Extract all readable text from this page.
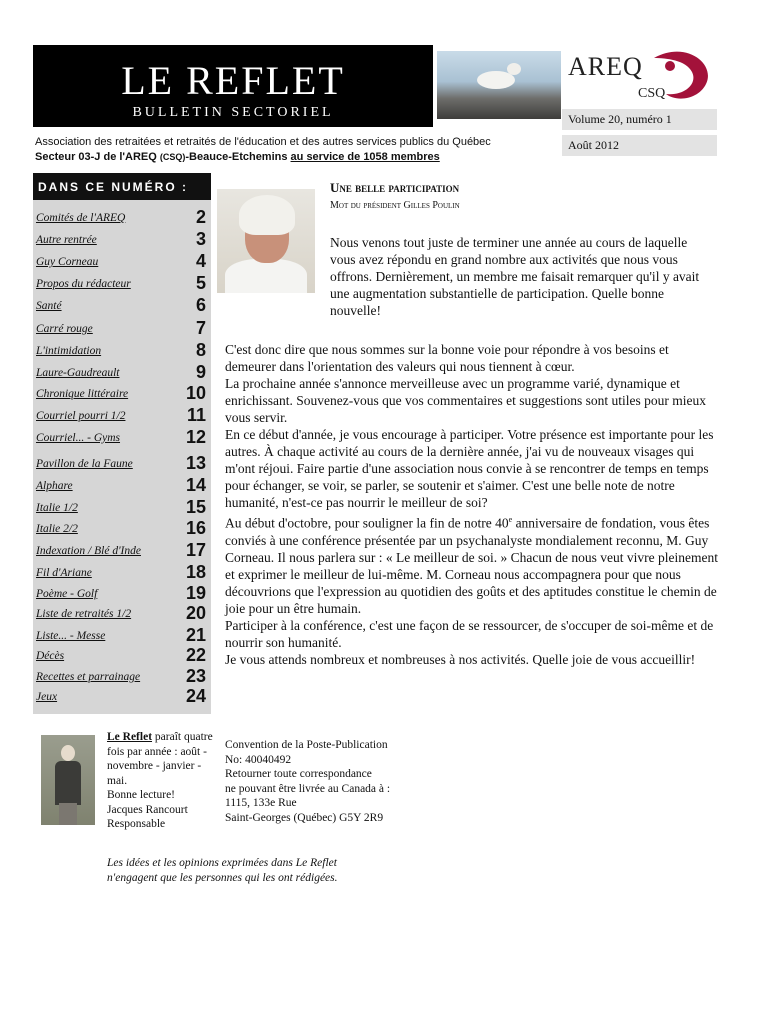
LE REFLET
BULLETIN SECTORIEL
AREQ
CSQ
Volume 20, numéro 1
Août 2012
Association des retraitées et retraités de l'éducation et des autres services publics du Québec
Secteur 03-J de l'AREQ (CSQ)-Beauce-Etchemins au service de 1058 membres
DANS CE NUMÉRO :
Comités de l'AREQ	2
Autre rentrée	3
Guy Corneau	4
Propos du rédacteur	5
Santé	6
Carré rouge	7
L'intimidation	8
Laure-Gaudreault	9
Chronique littéraire	10
Courriel pourri 1/2	11
Courriel... - Gyms	12
Pavillon de la Faune	13
Alphare	14
Italie 1/2	15
Italie 2/2	16
Indexation / Blé d'Inde	17
Fil d'Ariane	18
Poème - Golf	19
Liste de retraités 1/2	20
Liste... - Messe	21
Décès	22
Recettes et parrainage	23
Jeux	24
Une belle participation
Mot du président Gilles Poulin
Nous venons tout juste de terminer une année au cours de laquelle vous avez répondu en grand nombre aux activités que nous vous offrons. Dernièrement, un membre me faisait remarquer qu'il y avait une augmentation substantielle de participation. Quelle bonne nouvelle!

C'est donc dire que nous sommes sur la bonne voie pour répondre à vos besoins et demeurer dans l'orientation des valeurs qui nous tiennent à cœur.

La prochaine année s'annonce merveilleuse avec un programme varié, dynamique et enrichissant. Souvenez-vous que vos commentaires et suggestions sont utiles pour mieux vous servir.

En ce début d'année, je vous encourage à participer. Votre présence est importante pour les autres. À chaque activité au cours de la dernière année, j'ai vu de nouveaux visages qui m'ont réjoui. Faire partie d'une association nous convie à se rencontrer de temps en temps pour échanger, se voir, se parler, se soutenir et s'aimer. C'est une belle note de notre humanité, n'est-ce pas nourrir le meilleur de soi?

Au début d'octobre, pour souligner la fin de notre 40e anniversaire de fondation, vous êtes conviés à une conférence présentée par un psychanalyste mondialement reconnu, M. Guy Corneau. Il nous parlera sur : « Le meilleur de soi. » Chacun de nous veut vivre pleinement et exprimer le meilleur de lui-même. M. Corneau nous accompagnera pour que nous découvrions que l'expression au quotidien des goûts et des aptitudes constitue le chemin de joie pour un être humain.

Participer à la conférence, c'est une façon de se ressourcer, de s'occuper de soi-même et de nourrir son humanité.

Je vous attends nombreux et nombreuses à nos activités. Quelle joie de vous accueillir!

Le Reflet paraît quatre fois par année : août - novembre - janvier - mai.
Bonne lecture!
Jacques Rancourt
Responsable
Convention de la Poste-Publication
No: 40040492
Retourner toute correspondance
ne pouvant être livrée au Canada à :
1115, 133e Rue
Saint-Georges (Québec) G5Y 2R9
Les idées et les opinions exprimées dans Le Reflet
n'engagent que les personnes qui les ont rédigées.
